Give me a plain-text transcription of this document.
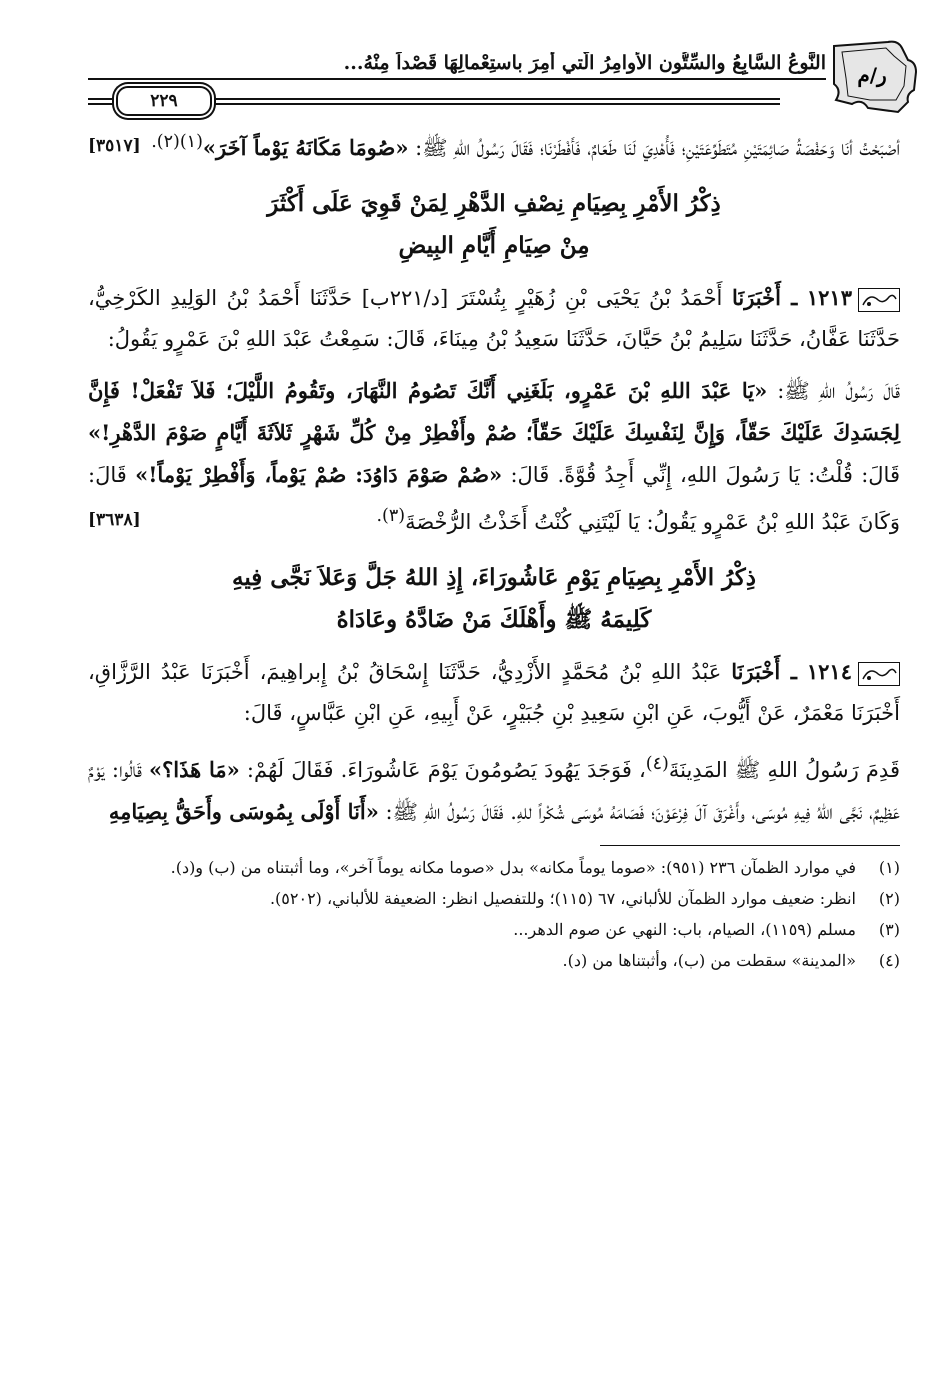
ر/م
النَّوعُ السَّابِعُ والسِّتُّون الأَوامِرُ الّتي أُمِرَ باستِعْمالِهَا قَصْداً مِنْهُ...
٢٢٩

أصْبَحْتُ أنَا وَحَفْصَةُ صَائِمَتَيْنِ مُتَطَوِّعَتَيْنِ؛ فَأُهْدِيَ لَنَا طَعَامٌ، فَأَفْطَرْنَا؛ فَقَالَ رَسُولُ اللهِ ﷺ: «صُومَا مَكَانَهُ يَوْماً آخَرَ»$^{(١)(٢).}$
[٣٥١٧]

ذِكْرُ الأَمْرِ بِصِيَامِ نِصْفِ الدَّهْرِ لِمَنْ قَوِيَ عَلَى أَكْثَرَ

مِنْ صِيَامِ أَيَّامِ البِيضِ

١٢١٣ ـ أَخْبَرَنَا أَحْمَدُ بْنُ يَحْيَى بْنِ زُهَيْرٍ بِتُسْتَرَ [د/٢٢١ب] حَدَّثَنَا أَحْمَدُ بْنُ الوَلِيدِ الكَرْخِيُّ، حَدَّثَنَا عَفَّانُ، حَدَّثَنَا سَلِيمُ بْنُ حَيَّانَ، حَدَّثَنَا سَعِيدُ بْنُ مِينَاءَ، قَالَ: سَمِعْتُ عَبْدَ اللهِ بْنَ عَمْرٍو يَقُولُ:

قَالَ رَسُولُ اللهِ ﷺ: «يَا عَبْدَ اللهِ بْنَ عَمْرٍو، بَلَغَنِي أَنَّكَ تَصُومُ النَّهَارَ، وتَقُومُ اللَّيْلَ؛ فَلاَ تَفْعَلْ! فَإِنَّ لِجَسَدِكَ عَلَيْكَ حَقّاً، وَإِنَّ لِنَفْسِكَ عَلَيْكَ حَقّاً؛ صُمْ وأَفْطِرْ مِنْ كُلِّ شَهْرٍ ثَلاَثَةَ أَيَّامٍ صَوْمَ الدَّهْرِ!» قَالَ: قُلْتُ: يَا رَسُولَ اللهِ، إِنِّي أَجِدُ قُوَّةً. قَالَ: «صُمْ صَوْمَ دَاوُدَ: صُمْ يَوْماً، وَأَفْطِرْ يَوْماً!» قَالَ: وَكَانَ عَبْدُ اللهِ بْنُ عَمْرٍو يَقُولُ: يَا لَيْتَنِي كُنْتُ أَخَذْتُ الرُّخْصَةَ$^{(٣).}$
[٣٦٣٨]

ذِكْرُ الأَمْرِ بِصِيَامِ يَوْمِ عَاشُورَاءَ، إِذِ اللهُ جَلَّ وَعَلاَ نَجَّى فِيهِ

كَلِيمَهُ ﷺ وأَهْلَكَ مَنْ ضَادَّهُ وعَادَاهُ

١٢١٤ ـ أَخْبَرَنَا عَبْدُ اللهِ بْنُ مُحَمَّدٍ الأَزْدِيُّ، حَدَّثَنَا إِسْحَاقُ بْنُ إِبراهِيمَ، أَخْبَرَنَا عَبْدُ الرَّزَّاقِ، أَخْبَرَنَا مَعْمَرٌ، عَنْ أَيُّوبَ، عَنِ ابْنِ سَعِيدِ بْنِ جُبَيْرٍ، عَنْ أَبِيهِ، عَنِ ابْنِ عَبَّاسٍ، قَالَ:

قَدِمَ رَسُولُ اللهِ ﷺ المَدِينَةَ$^{(٤)}$، فَوَجَدَ يَهُودَ يَصُومُونَ يَوْمَ عَاشُورَاءَ. فَقَالَ لَهُمْ: «مَا هَذَا؟» قَالُوا: يَوْمٌ عَظِيمٌ، نَجَّى اللهُ فِيهِ مُوسَى، وأَغْرَقَ آلَ فِرْعَوْنَ؛ فَصَامَهُ مُوسَى شُكْراً للهِ. فَقَالَ رَسُولُ اللهِ ﷺ: «أَنَا أَوْلَى بِمُوسَى وأَحَقُّ بِصِيَامِهِ

(١)في موارد الظمآن ٢٣٦ (٩٥١): «صوما يوماً مكانه» بدل «صوما مكانه يوماً آخر»، وما أثبتناه من (ب) و(د).

(٢)انظر: ضعيف موارد الظمآن للألباني، ٦٧ (١١٥)؛ وللتفصيل انظر: الضعيفة للألباني، (٥٢٠٢).

(٣)مسلم (١١٥٩)، الصيام، باب: النهي عن صوم الدهر...

(٤)«المدينة» سقطت من (ب)، وأثبتناها من (د).
